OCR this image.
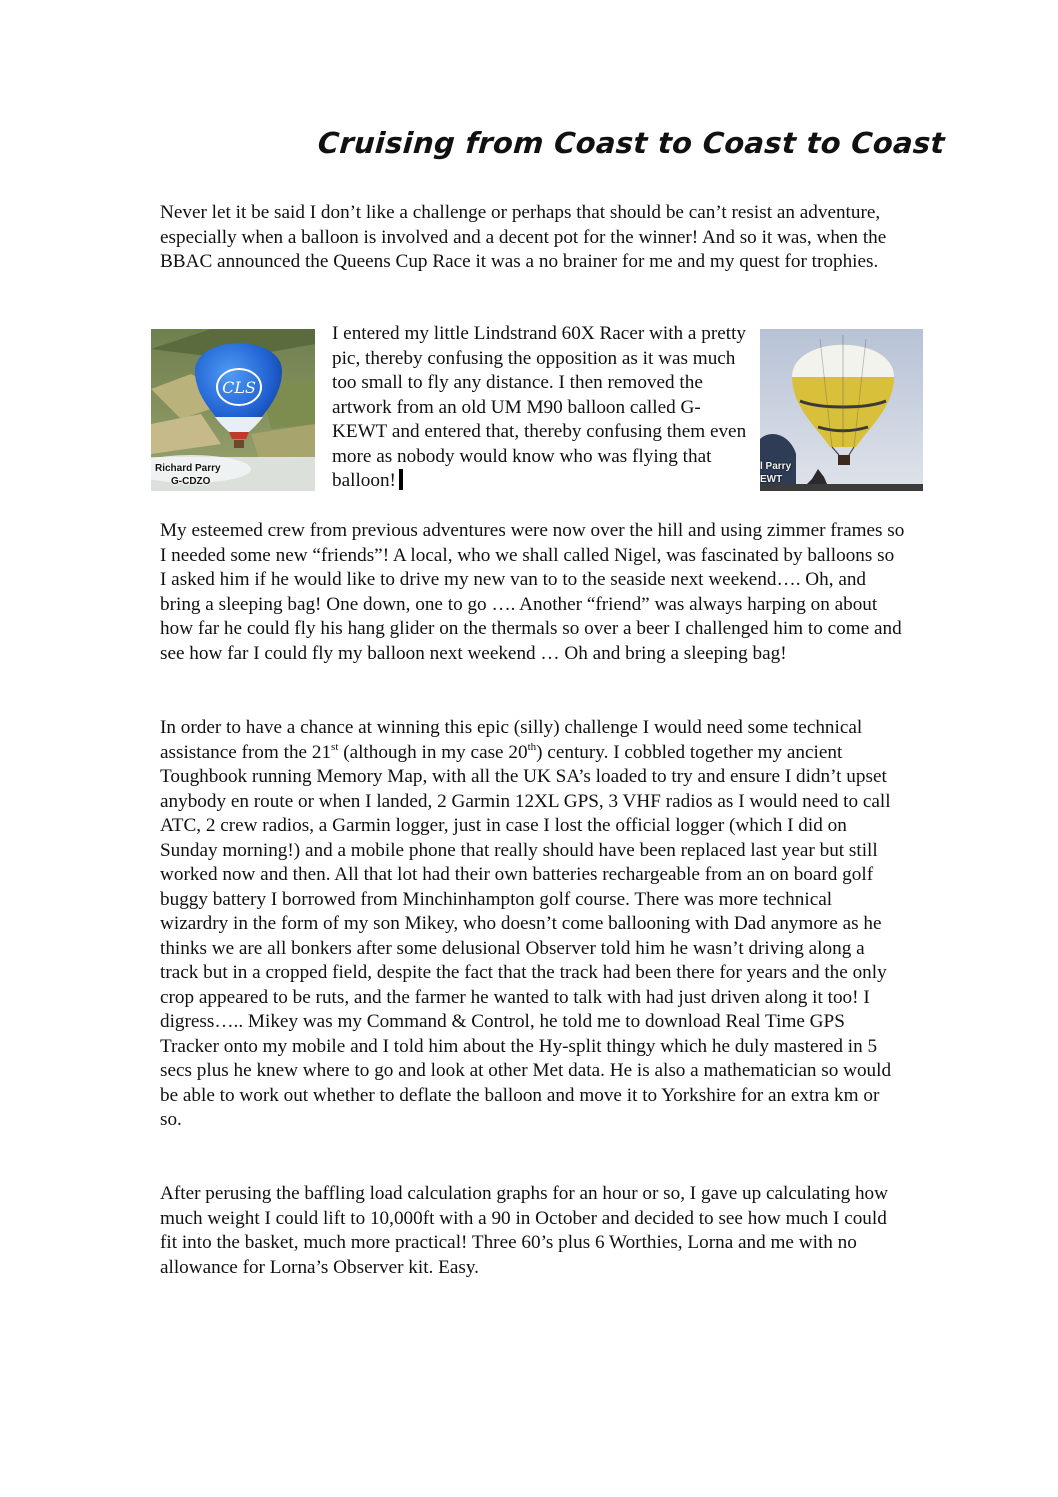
Cruising from Coast to Coast to Coast

Never let it be said I don’t like a challenge or perhaps that should be can’t resist an adventure, especially when a balloon is involved and a decent pot for the winner! And so it was, when the BBAC announced the Queens Cup Race it was a no brainer for me and my quest for trophies.

CLS
Richard Parry
G-CDZO
I entered my little Lindstrand 60X Racer with a pretty pic, thereby confusing the opposition as it was much too small to fly any distance. I then removed the artwork from an old UM M90 balloon called G-KEWT and entered that, thereby confusing them even more as nobody would know who was flying that balloon!
l Parry
EWT

My esteemed crew from previous adventures were now over the hill and using zimmer frames so I needed some new “friends”! A local, who we shall called Nigel, was fascinated by balloons so I asked him if he would like to drive my new van to to the seaside next weekend…. Oh, and bring a sleeping bag! One down, one to go …. Another “friend” was always harping on about how far he could fly his hang glider on the thermals so over a beer I challenged him to come and see how far I could fly my balloon next weekend … Oh and bring a sleeping bag!

In order to have a chance at winning this epic (silly) challenge I would need some technical assistance from the 21st (although in my case 20th) century. I cobbled together my ancient Toughbook running Memory Map, with all the UK SA’s loaded to try and ensure I didn’t upset anybody en route or when I landed, 2 Garmin 12XL GPS, 3 VHF radios as I would need to call ATC, 2 crew radios, a Garmin logger, just in case I lost the official logger (which I did on Sunday morning!) and a mobile phone that really should have been replaced last year but still worked now and then. All that lot had their own batteries rechargeable from an on board golf buggy battery I borrowed from Minchinhampton golf course. There was more technical wizardry in the form of my son Mikey, who doesn’t come ballooning with Dad anymore as he thinks we are all bonkers after some delusional Observer told him he wasn’t driving along a track but in a cropped field, despite the fact that the track had been there for years and the only crop appeared to be ruts, and the farmer he wanted to talk with had just driven along it too! I digress….. Mikey was my Command & Control, he told me to download Real Time GPS Tracker onto my mobile and I told him about the Hy-split thingy which he duly mastered in 5 secs plus he knew where to go and look at other Met data. He is also a mathematician so would be able to work out whether to deflate the balloon and move it to Yorkshire for an extra km or so.

After perusing the baffling load calculation graphs for an hour or so, I gave up calculating how much weight I could lift to 10,000ft with a 90 in October and decided to see how much I could fit into the basket, much more practical! Three 60’s plus 6 Worthies, Lorna and me with no allowance for Lorna’s Observer kit. Easy.
